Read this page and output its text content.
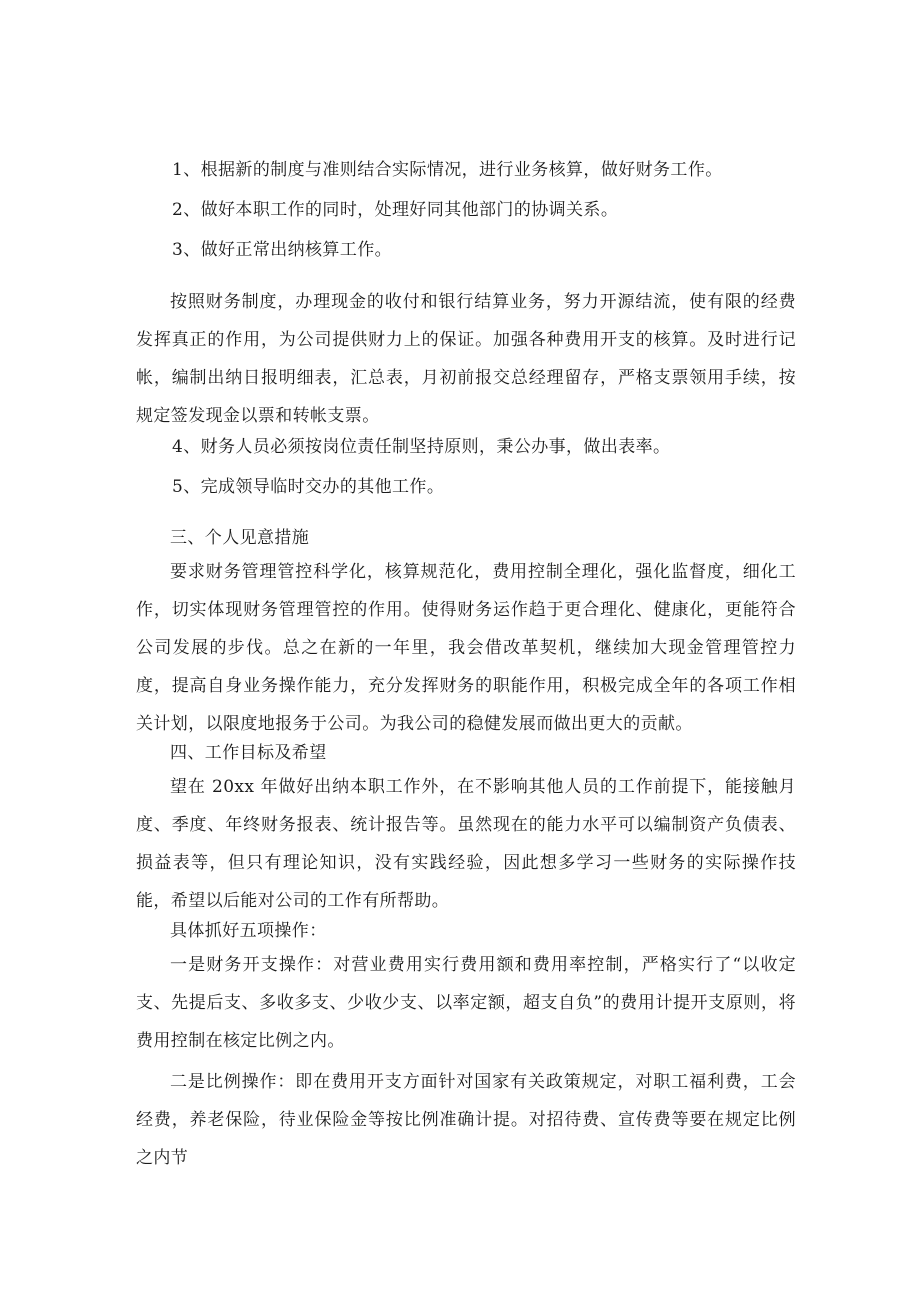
1、根据新的制度与准则结合实际情况，进行业务核算，做好财务工作。

2、做好本职工作的同时，处理好同其他部门的协调关系。

3、做好正常出纳核算工作。

按照财务制度，办理现金的收付和银行结算业务，努力开源结流，使有限的经费发挥真正的作用，为公司提供财力上的保证。加强各种费用开支的核算。及时进行记帐，编制出纳日报明细表，汇总表，月初前报交总经理留存，严格支票领用手续，按规定签发现金以票和转帐支票。

4、财务人员必须按岗位责任制坚持原则，秉公办事，做出表率。

5、完成领导临时交办的其他工作。

三、个人见意措施

要求财务管理管控科学化，核算规范化，费用控制全理化，强化监督度，细化工作，切实体现财务管理管控的作用。使得财务运作趋于更合理化、健康化，更能符合公司发展的步伐。总之在新的一年里，我会借改革契机，继续加大现金管理管控力度，提高自身业务操作能力，充分发挥财务的职能作用，积极完成全年的各项工作相关计划，以限度地报务于公司。为我公司的稳健发展而做出更大的贡献。

四、工作目标及希望

望在 20xx 年做好出纳本职工作外，在不影响其他人员的工作前提下，能接触月度、季度、年终财务报表、统计报告等。虽然现在的能力水平可以编制资产负债表、损益表等，但只有理论知识，没有实践经验，因此想多学习一些财务的实际操作技能，希望以后能对公司的工作有所帮助。

具体抓好五项操作：

一是财务开支操作：对营业费用实行费用额和费用率控制，严格实行了“以收定支、先提后支、多收多支、少收少支、以率定额，超支自负”的费用计提开支原则，将费用控制在核定比例之内。

二是比例操作：即在费用开支方面针对国家有关政策规定，对职工福利费，工会经费，养老保险，待业保险金等按比例准确计提。对招待费、宣传费等要在规定比例之内节
